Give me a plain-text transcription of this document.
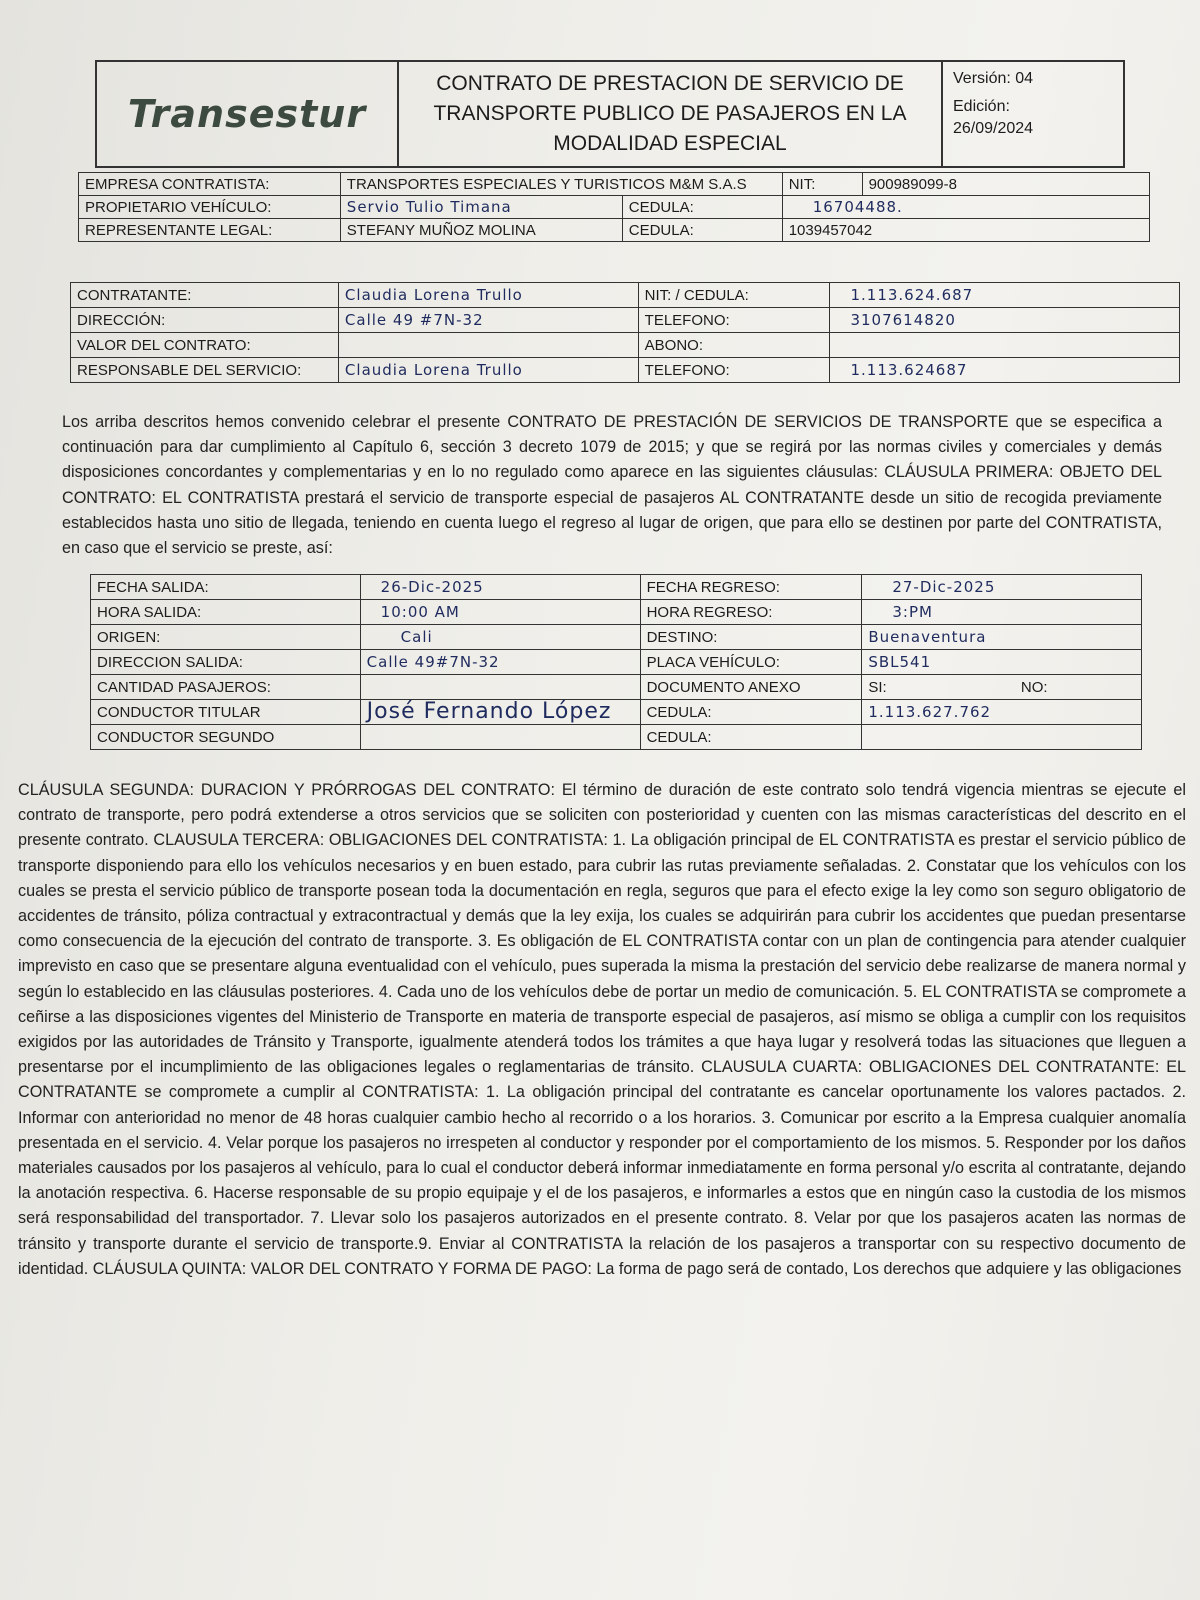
Transestur
CONTRATO DE PRESTACION DE SERVICIO DE
TRANSPORTE PUBLICO DE PASAJEROS EN LA
MODALIDAD ESPECIAL
Versión: 04
Edición:
26/09/2024
EMPRESA CONTRATISTA:	TRANSPORTES ESPECIALES Y TURISTICOS M&M S.A.S		NIT:	900989099-8
PROPIETARIO VEHÍCULO:	Servio Tulio Timana	CEDULA:	16704488.	
REPRESENTANTE LEGAL:	STEFANY MUÑOZ MOLINA	CEDULA:	1039457042	
CONTRATANTE:	Claudia Lorena Trullo	NIT: / CEDULA:	1.113.624.687
DIRECCIÓN:	Calle 49 #7N-32	TELEFONO:	3107614820
VALOR DEL CONTRATO:		ABONO:	
RESPONSABLE DEL SERVICIO:	Claudia Lorena Trullo	TELEFONO:	1.113.624687

Los arriba descritos hemos convenido celebrar el presente CONTRATO DE PRESTACIÓN DE SERVICIOS DE TRANSPORTE que se especifica a continuación para dar cumplimiento al Capítulo 6, sección 3 decreto 1079 de 2015; y que se regirá por las normas civiles y comerciales y demás disposiciones concordantes y complementarias y en lo no regulado como aparece en las siguientes cláusulas: CLÁUSULA PRIMERA: OBJETO DEL CONTRATO: EL CONTRATISTA prestará el servicio de transporte especial de pasajeros AL CONTRATANTE desde un sitio de recogida previamente establecidos hasta uno sitio de llegada, teniendo en cuenta luego el regreso al lugar de origen, que para ello se destinen por parte del CONTRATISTA, en caso que el servicio se preste, así:

FECHA SALIDA:	26-Dic-2025	FECHA REGRESO:	27-Dic-2025
HORA SALIDA:	10:00 AM	HORA REGRESO:	3:PM
ORIGEN:	Cali	DESTINO:	Buenaventura
DIRECCION SALIDA:	Calle 49#7N-32	PLACA VEHÍCULO:	SBL541
CANTIDAD PASAJEROS:		DOCUMENTO ANEXO	SI: NO:
CONDUCTOR TITULAR	José Fernando López	CEDULA:	1.113.627.762
CONDUCTOR SEGUNDO		CEDULA:	

CLÁUSULA SEGUNDA: DURACION Y PRÓRROGAS DEL CONTRATO: El término de duración de este contrato solo tendrá vigencia mientras se ejecute el contrato de transporte, pero podrá extenderse a otros servicios que se soliciten con posterioridad y cuenten con las mismas características del descrito en el presente contrato. CLAUSULA TERCERA: OBLIGACIONES DEL CONTRATISTA: 1. La obligación principal de EL CONTRATISTA es prestar el servicio público de transporte disponiendo para ello los vehículos necesarios y en buen estado, para cubrir las rutas previamente señaladas. 2. Constatar que los vehículos con los cuales se presta el servicio público de transporte posean toda la documentación en regla, seguros que para el efecto exige la ley como son seguro obligatorio de accidentes de tránsito, póliza contractual y extracontractual y demás que la ley exija, los cuales se adquirirán para cubrir los accidentes que puedan presentarse como consecuencia de la ejecución del contrato de transporte. 3. Es obligación de EL CONTRATISTA contar con un plan de contingencia para atender cualquier imprevisto en caso que se presentare alguna eventualidad con el vehículo, pues superada la misma la prestación del servicio debe realizarse de manera normal y según lo establecido en las cláusulas posteriores. 4. Cada uno de los vehículos debe de portar un medio de comunicación. 5. EL CONTRATISTA se compromete a ceñirse a las disposiciones vigentes del Ministerio de Transporte en materia de transporte especial de pasajeros, así mismo se obliga a cumplir con los requisitos exigidos por las autoridades de Tránsito y Transporte, igualmente atenderá todos los trámites a que haya lugar y resolverá todas las situaciones que lleguen a presentarse por el incumplimiento de las obligaciones legales o reglamentarias de tránsito. CLAUSULA CUARTA: OBLIGACIONES DEL CONTRATANTE: EL CONTRATANTE se compromete a cumplir al CONTRATISTA: 1. La obligación principal del contratante es cancelar oportunamente los valores pactados. 2. Informar con anterioridad no menor de 48 horas cualquier cambio hecho al recorrido o a los horarios. 3. Comunicar por escrito a la Empresa cualquier anomalía presentada en el servicio. 4. Velar porque los pasajeros no irrespeten al conductor y responder por el comportamiento de los mismos. 5. Responder por los daños materiales causados por los pasajeros al vehículo, para lo cual el conductor deberá informar inmediatamente en forma personal y/o escrita al contratante, dejando la anotación respectiva. 6. Hacerse responsable de su propio equipaje y el de los pasajeros, e informarles a estos que en ningún caso la custodia de los mismos será responsabilidad del transportador. 7. Llevar solo los pasajeros autorizados en el presente contrato. 8. Velar por que los pasajeros acaten las normas de tránsito y transporte durante el servicio de transporte.9. Enviar al CONTRATISTA la relación de los pasajeros a transportar con su respectivo documento de identidad. CLÁUSULA QUINTA: VALOR DEL CONTRATO Y FORMA DE PAGO: La forma de pago será de contado, Los derechos que adquiere y las obligaciones
